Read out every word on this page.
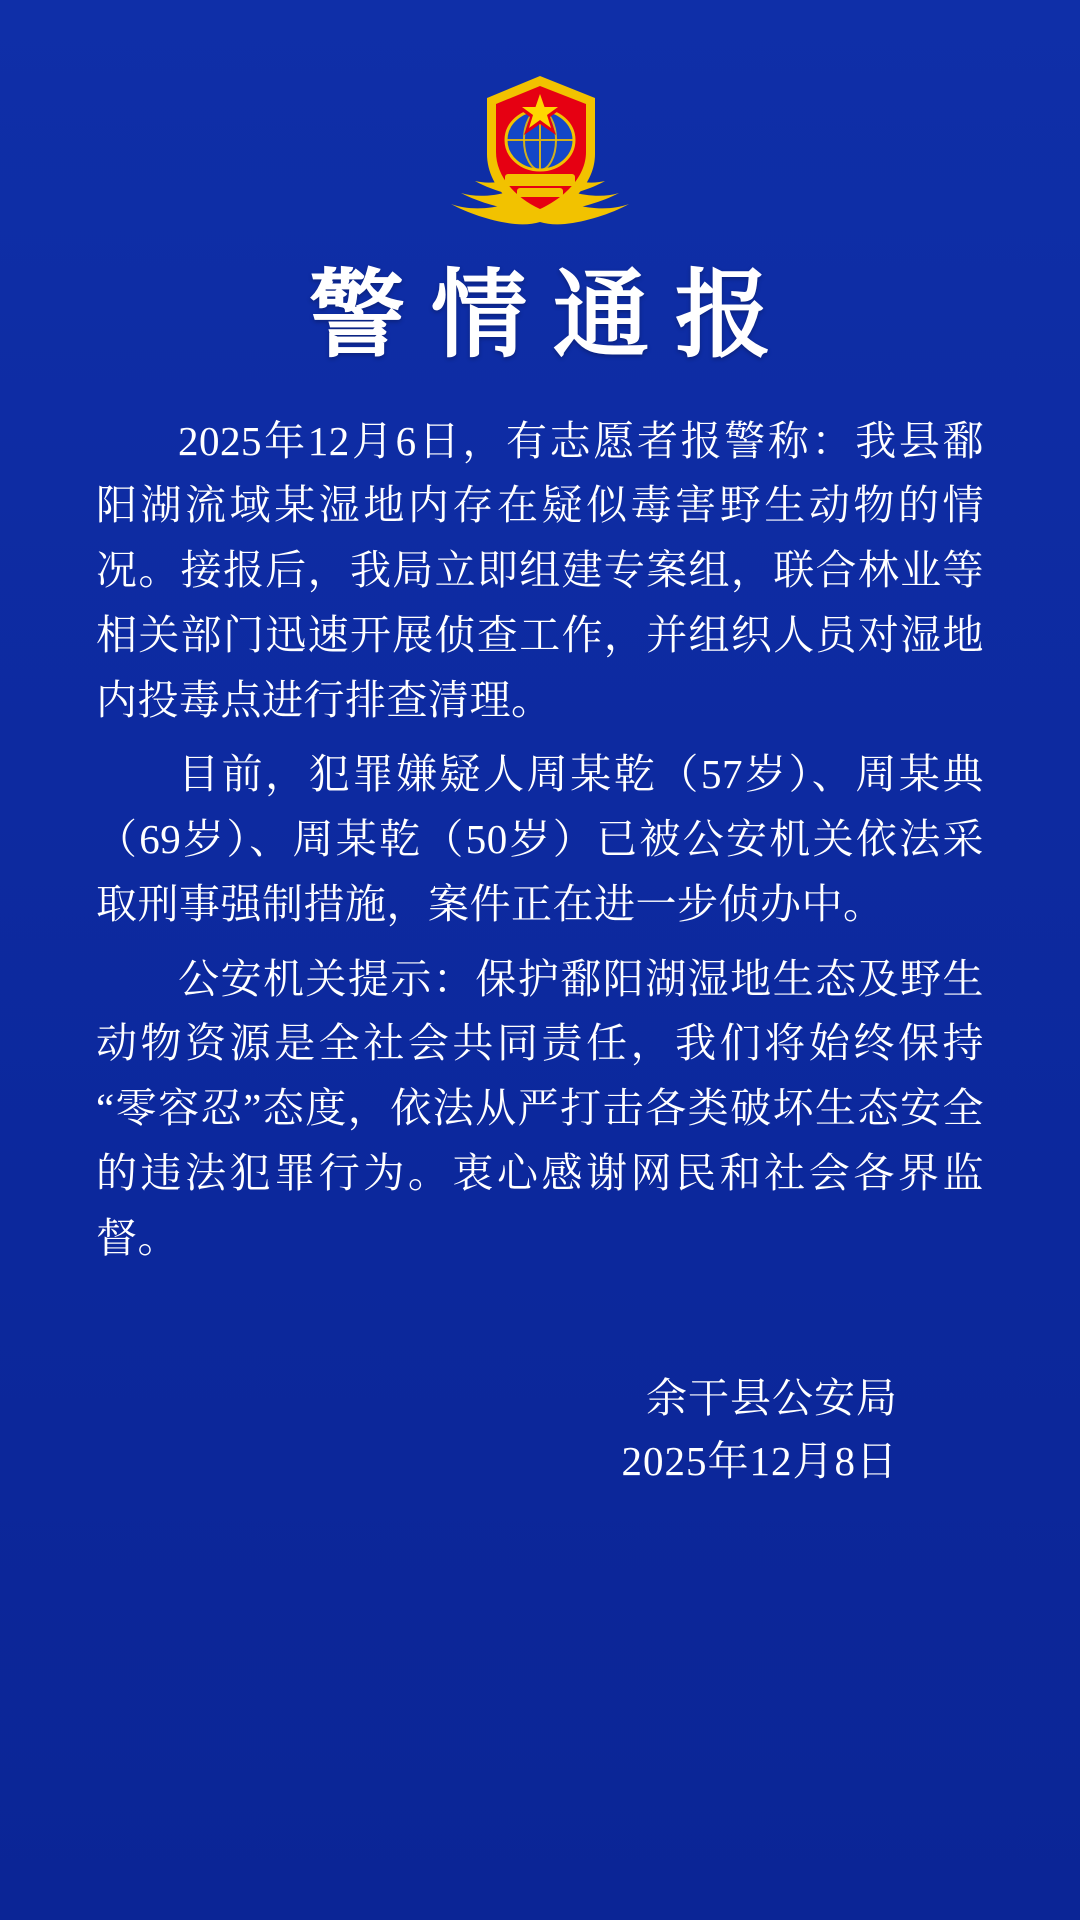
警情通报

2025年12月6日，有志愿者报警称：我县鄱阳湖流域某湿地内存在疑似毒害野生动物的情况。接报后，我局立即组建专案组，联合林业等相关部门迅速开展侦查工作，并组织人员对湿地内投毒点进行排查清理。

目前，犯罪嫌疑人周某乾（57岁）、周某典（69岁）、周某乾（50岁）已被公安机关依法采取刑事强制措施，案件正在进一步侦办中。

公安机关提示：保护鄱阳湖湿地生态及野生动物资源是全社会共同责任，我们将始终保持“零容忍”态度，依法从严打击各类破坏生态安全的违法犯罪行为。衷心感谢网民和社会各界监督。

余干县公安局
2025年12月8日
